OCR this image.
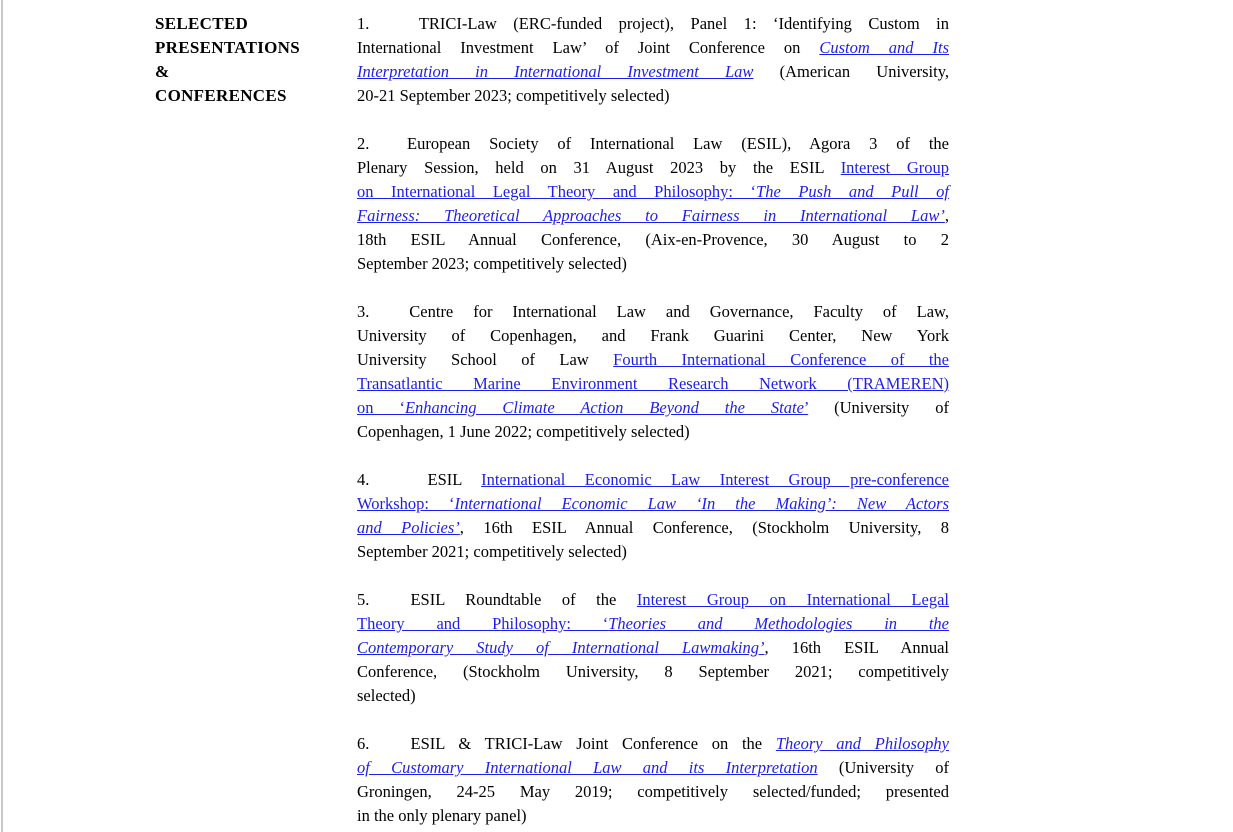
SELECTED
PRESENTATIONS
&
CONFERENCES
1.   TRICI-Law (ERC-funded project), Panel 1: ‘Identifying Custom in
International Investment Law’ of Joint Conference on Custom and Its
Interpretation in International Investment Law (American University,
20-21 September 2023; competitively selected)
2.  European Society of International Law (ESIL), Agora 3 of the
Plenary Session, held on 31 August 2023 by the ESIL Interest Group
on International Legal Theory and Philosophy: ‘The Push and Pull of
Fairness: Theoretical Approaches to Fairness in International Law’,
18th ESIL Annual Conference, (Aix-en-Provence, 30 August to 2
September 2023; competitively selected)
3.  Centre for International Law and Governance, Faculty of Law,
University of Copenhagen, and Frank Guarini Center, New York
University School of Law Fourth International Conference of the
Transatlantic Marine Environment Research Network (TRAMEREN)
on ‘Enhancing Climate Action Beyond the State’ (University of
Copenhagen, 1 June 2022; competitively selected)
4.   ESIL International Economic Law Interest Group pre-conference
Workshop: ‘International Economic Law ‘In the Making’: New Actors
and Policies’, 16th ESIL Annual Conference, (Stockholm University, 8
September 2021; competitively selected)
5.  ESIL Roundtable of the Interest Group on International Legal
Theory and Philosophy: ‘Theories and Methodologies in the
Contemporary Study of International Lawmaking’, 16th ESIL Annual
Conference, (Stockholm University, 8 September 2021; competitively
selected)
6.   ESIL & TRICI-Law Joint Conference on the Theory and Philosophy
of Customary International Law and its Interpretation (University of
Groningen, 24-25 May 2019; competitively selected/funded; presented
in the only plenary panel)
